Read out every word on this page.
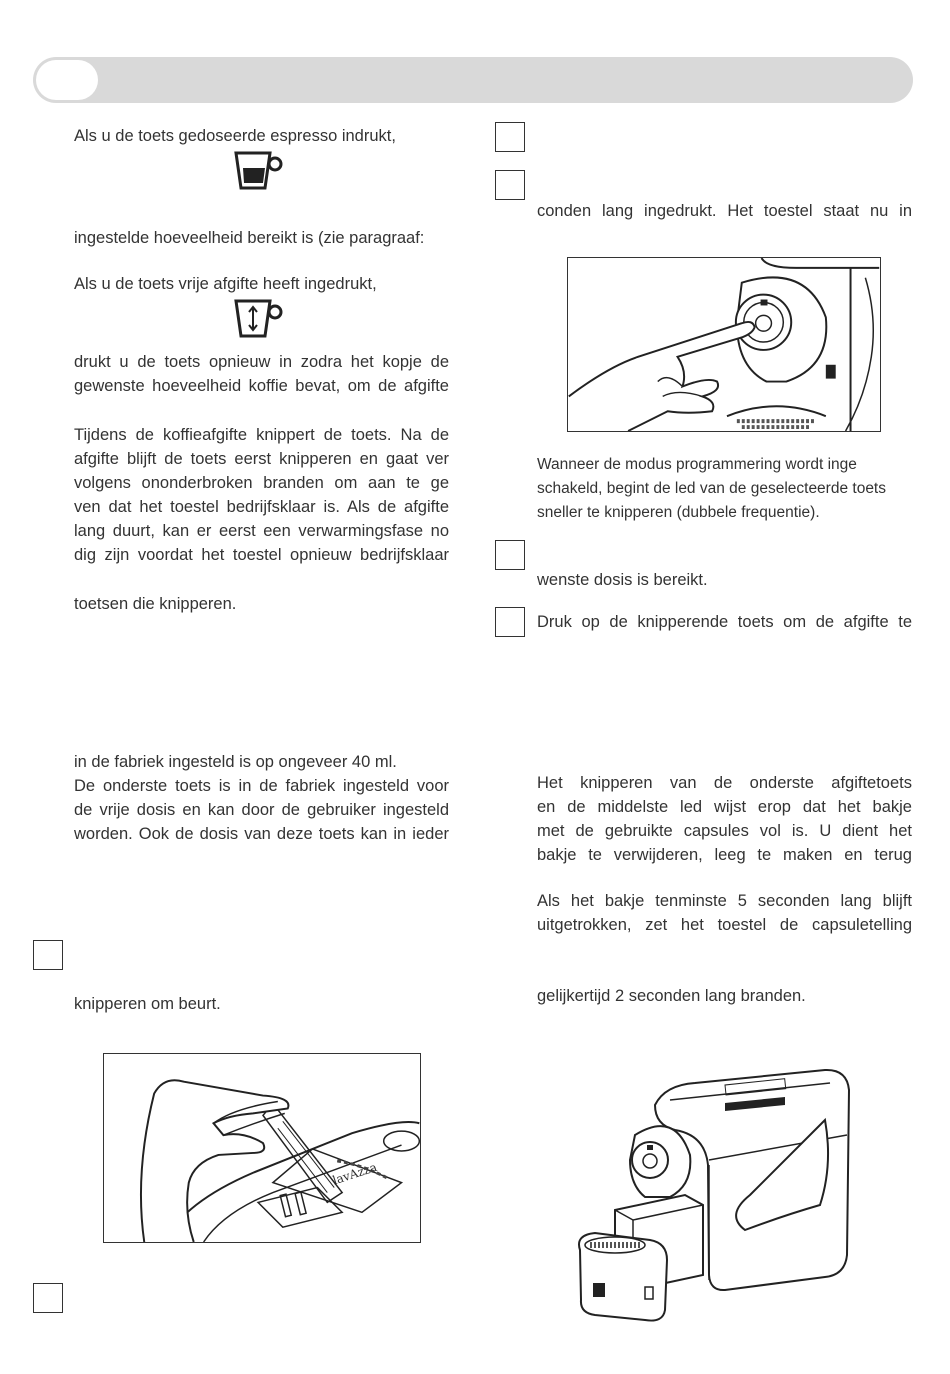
Als u de toets gedoseerde espresso indrukt,
ingestelde hoeveelheid bereikt is (zie paragraaf:
Als u de toets vrije afgifte heeft ingedrukt,
drukt u de toets opnieuw in zodra het kopje de
gewenste hoeveelheid koffie bevat, om de afgifte
Tijdens de koffieafgifte knippert de toets. Na de
afgifte blijft de toets eerst knipperen en gaat ver
volgens ononderbroken branden om aan te ge
ven dat het toestel bedrijfsklaar is. Als de afgifte
lang duurt, kan er eerst een verwarmingsfase no
dig zijn voordat het toestel opnieuw bedrijfsklaar
toetsen die knipperen.
in de fabriek ingesteld is op ongeveer 40 ml.
De onderste toets is in de fabriek ingesteld voor
de vrije dosis en kan door de gebruiker ingesteld
worden. Ook de dosis van deze toets kan in ieder
knipperen om beurt.
lavAzza
conden lang ingedrukt. Het toestel staat nu in
Wanneer de modus programmering wordt inge
schakeld, begint de led van de geselecteerde toets
sneller te knipperen (dubbele frequentie).
wenste dosis is bereikt.
Druk op de knipperende toets om de afgifte te
Het knipperen van de onderste afgiftetoets
en de middelste led wijst erop dat het bakje
met de gebruikte capsules vol is. U dient het
bakje te verwijderen, leeg te maken en terug
Als het bakje tenminste 5 seconden lang blijft
uitgetrokken, zet het toestel de capsuletelling
gelijkertijd 2 seconden lang branden.
